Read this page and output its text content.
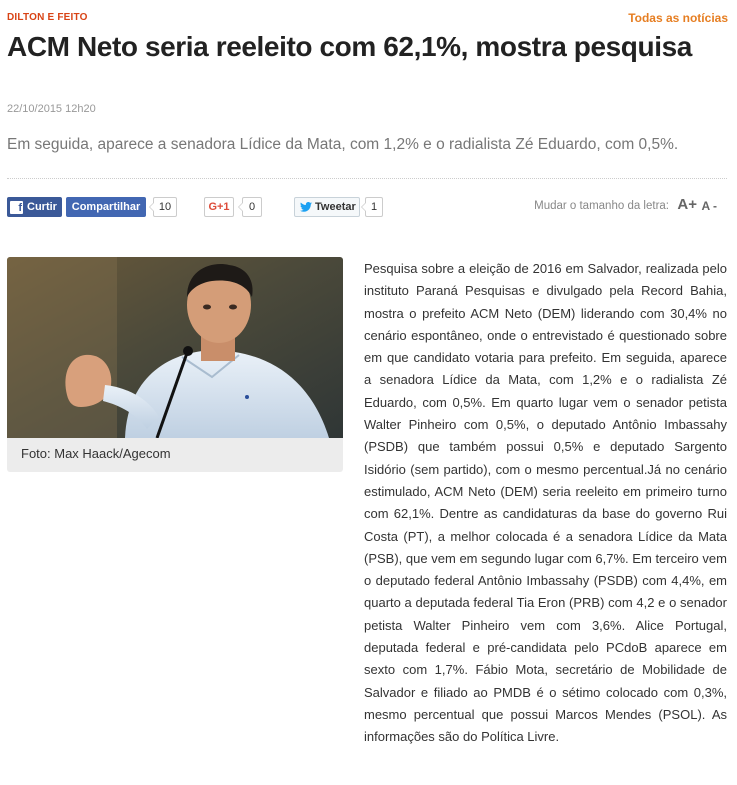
DILTON E FEITO	Todas as notícias
ACM Neto seria reeleito com 62,1%, mostra pesquisa
22/10/2015 12h20
Em seguida, aparece a senadora Lídice da Mata, com 1,2% e o radialista Zé Eduardo, com 0,5%.
f Curtir Compartilhar	10	G+1	0	Tweetar	1	Mudar o tamanho da letra: A+ A -
Foto: Max Haack/Agecom

Pesquisa sobre a eleição de 2016 em Salvador, realizada pelo instituto Paraná Pesquisas e divulgado pela Record Bahia, mostra o prefeito ACM Neto (DEM) liderando com 30,4% no cenário espontâneo, onde o entrevistado é questionado sobre em que candidato votaria para prefeito. Em seguida, aparece a senadora Lídice da Mata, com 1,2% e o radialista Zé Eduardo, com 0,5%. Em quarto lugar vem o senador petista Walter Pinheiro com 0,5%, o deputado Antônio Imbassahy (PSDB) que também possui 0,5% e deputado Sargento Isidório (sem partido), com o mesmo percentual.Já no cenário estimulado, ACM Neto (DEM) seria reeleito em primeiro turno com 62,1%. Dentre as candidaturas da base do governo Rui Costa (PT), a melhor colocada é a senadora Lídice da Mata (PSB), que vem em segundo lugar com 6,7%. Em terceiro vem o deputado federal Antônio Imbassahy (PSDB) com 4,4%, em quarto a deputada federal Tia Eron (PRB) com 4,2 e o senador petista Walter Pinheiro vem com 3,6%. Alice Portugal, deputada federal e pré-candidata pelo PCdoB aparece em sexto com 1,7%. Fábio Mota, secretário de Mobilidade de Salvador e filiado ao PMDB é o sétimo colocado com 0,3%, mesmo percentual que possui Marcos Mendes (PSOL). As informações são do Política Livre.
